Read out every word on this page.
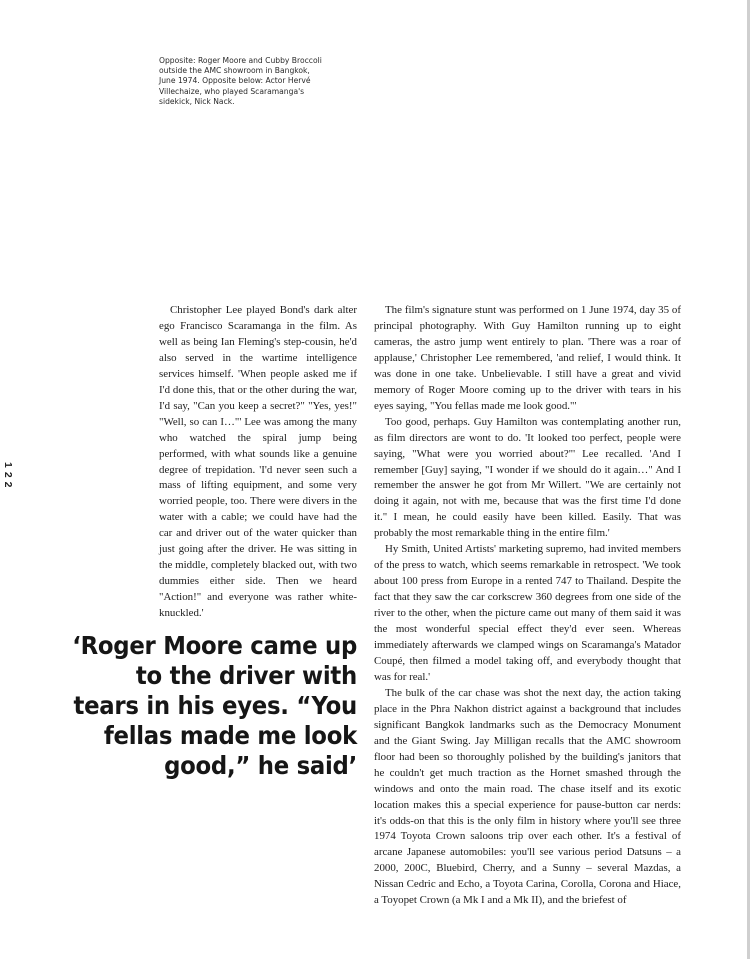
Opposite: Roger Moore and Cubby Broccoli outside the AMC showroom in Bangkok, June 1974. Opposite below: Actor Hervé Villechaize, who played Scaramanga's sidekick, Nick Nack.

122

Christopher Lee played Bond's dark alter ego Francisco Scaramanga in the film. As well as being Ian Fleming's step-cousin, he'd also served in the wartime intelligence services himself. 'When people asked me if I'd done this, that or the other during the war, I'd say, "Can you keep a secret?" "Yes, yes!" "Well, so can I…"' Lee was among the many who watched the spiral jump being performed, with what sounds like a genuine degree of trepidation. 'I'd never seen such a mass of lifting equipment, and some very worried people, too. There were divers in the water with a cable; we could have had the car and driver out of the water quicker than just going after the driver. He was sitting in the middle, completely blacked out, with two dummies either side. Then we heard "Action!" and everyone was rather white-knuckled.'

‘Roger Moore came up to the driver with tears in his eyes. “You fellas made me look good,” he said’

The film's signature stunt was performed on 1 June 1974, day 35 of principal photography. With Guy Hamilton running up to eight cameras, the astro jump went entirely to plan. 'There was a roar of applause,' Christopher Lee remembered, 'and relief, I would think. It was done in one take. Unbelievable. I still have a great and vivid memory of Roger Moore coming up to the driver with tears in his eyes saying, "You fellas made me look good."'

Too good, perhaps. Guy Hamilton was contemplating another run, as film directors are wont to do. 'It looked too perfect, people were saying, "What were you worried about?"' Lee recalled. 'And I remember [Guy] saying, "I wonder if we should do it again…" And I remember the answer he got from Mr Willert. "We are certainly not doing it again, not with me, because that was the first time I'd done it." I mean, he could easily have been killed. Easily. That was probably the most remarkable thing in the entire film.'

Hy Smith, United Artists' marketing supremo, had invited members of the press to watch, which seems remarkable in retrospect. 'We took about 100 press from Europe in a rented 747 to Thailand. Despite the fact that they saw the car corkscrew 360 degrees from one side of the river to the other, when the picture came out many of them said it was the most wonderful special effect they'd ever seen. Whereas immediately afterwards we clamped wings on Scaramanga's Matador Coupé, then filmed a model taking off, and everybody thought that was for real.'

The bulk of the car chase was shot the next day, the action taking place in the Phra Nakhon district against a background that includes significant Bangkok landmarks such as the Democracy Monument and the Giant Swing. Jay Milligan recalls that the AMC showroom floor had been so thoroughly polished by the building's janitors that he couldn't get much traction as the Hornet smashed through the windows and onto the main road. The chase itself and its exotic location makes this a special experience for pause-button car nerds: it's odds-on that this is the only film in history where you'll see three 1974 Toyota Crown saloons trip over each other. It's a festival of arcane Japanese automobiles: you'll see various period Datsuns – a 2000, 200C, Bluebird, Cherry, and a Sunny – several Mazdas, a Nissan Cedric and Echo, a Toyota Carina, Corolla, Corona and Hiace, a Toyopet Crown (a Mk I and a Mk II), and the briefest of
